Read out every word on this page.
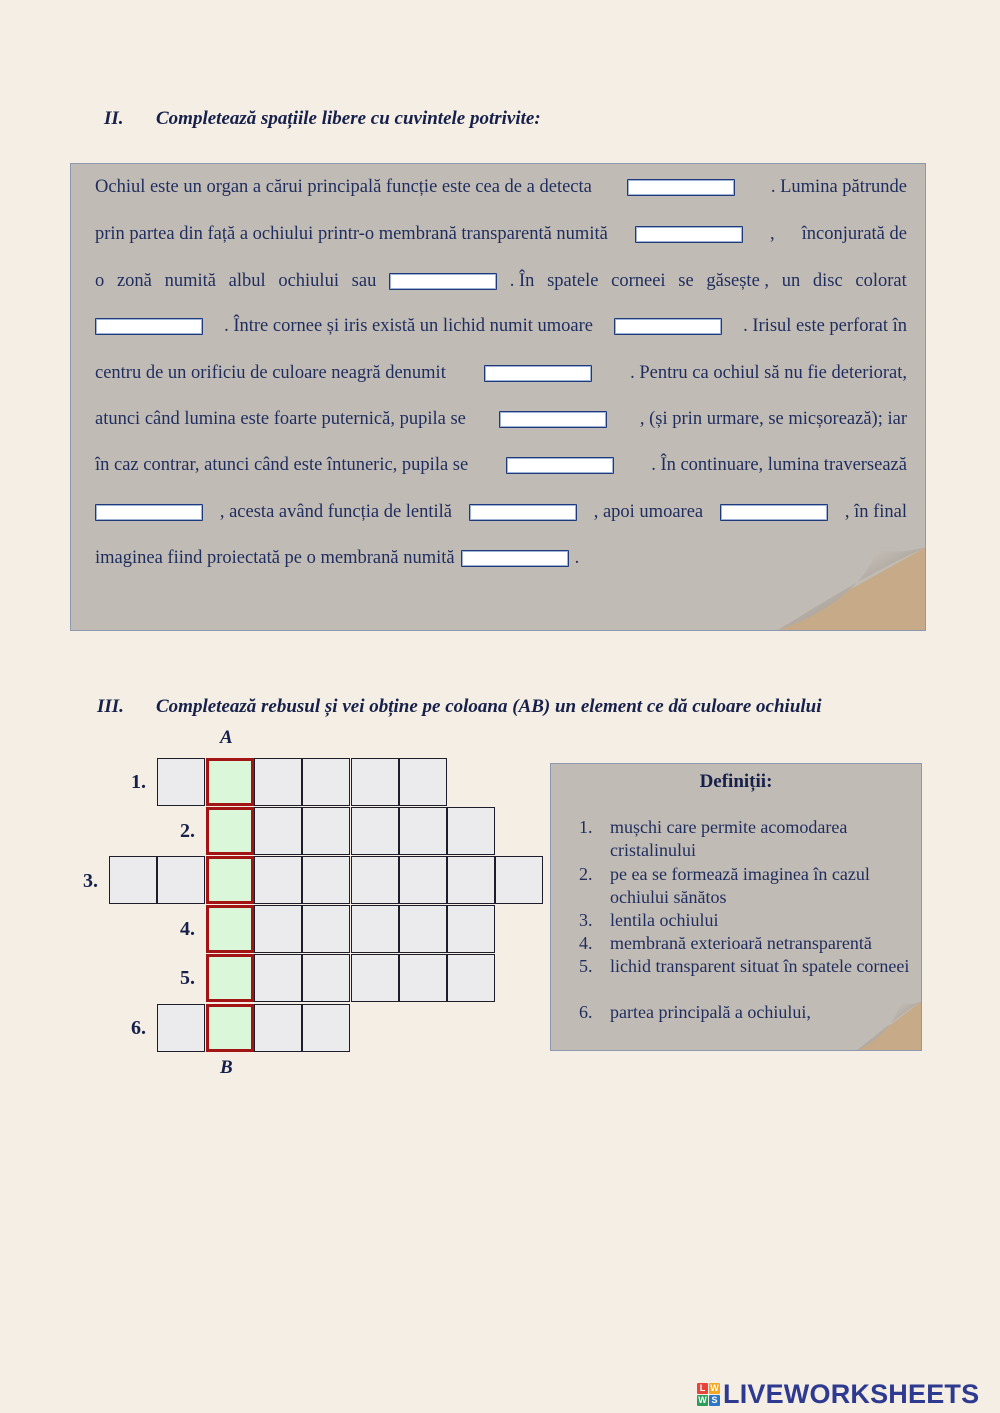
II. Completează spațiile libere cu cuvintele potrivite:
Ochiul este un organ a cărui principală funcție este cea de a detecta	. Lumina pătrunde
prin partea din față a ochiului printr-o membrană transparentă numită	, înconjurată de
o zonă numită albul ochiului sau	. În spatele corneei se găsește , un disc colorat
. Între cornee și iris există un lichid numit umoare	. Irisul este perforat în
centru de un orificiu de culoare neagră denumit	. Pentru ca ochiul să nu fie deteriorat,
atunci când lumina este foarte puternică, pupila se	, (și prin urmare, se micșorează); iar
în caz contrar, atunci când este întuneric, pupila se	. În continuare, lumina traversează
, acesta având funcția de lentilă	, apoi umoarea	, în final
imaginea fiind proiectată pe o membrană numită	.
III. Completează rebusul și vei obține pe coloana (AB) un element ce dă culoare ochiului
A
B
1.
2.
3.
4.
5.
6.
Definiții:
1. mușchi care permite acomodarea cristalinului
2. pe ea se formează imaginea în cazul ochiului sănătos
3. lentila ochiului
4. membrană exterioară netransparentă
5. lichid transparent situat în spatele corneei
6. partea principală a ochiului,
L W
W S LIVEWORKSHEETS
